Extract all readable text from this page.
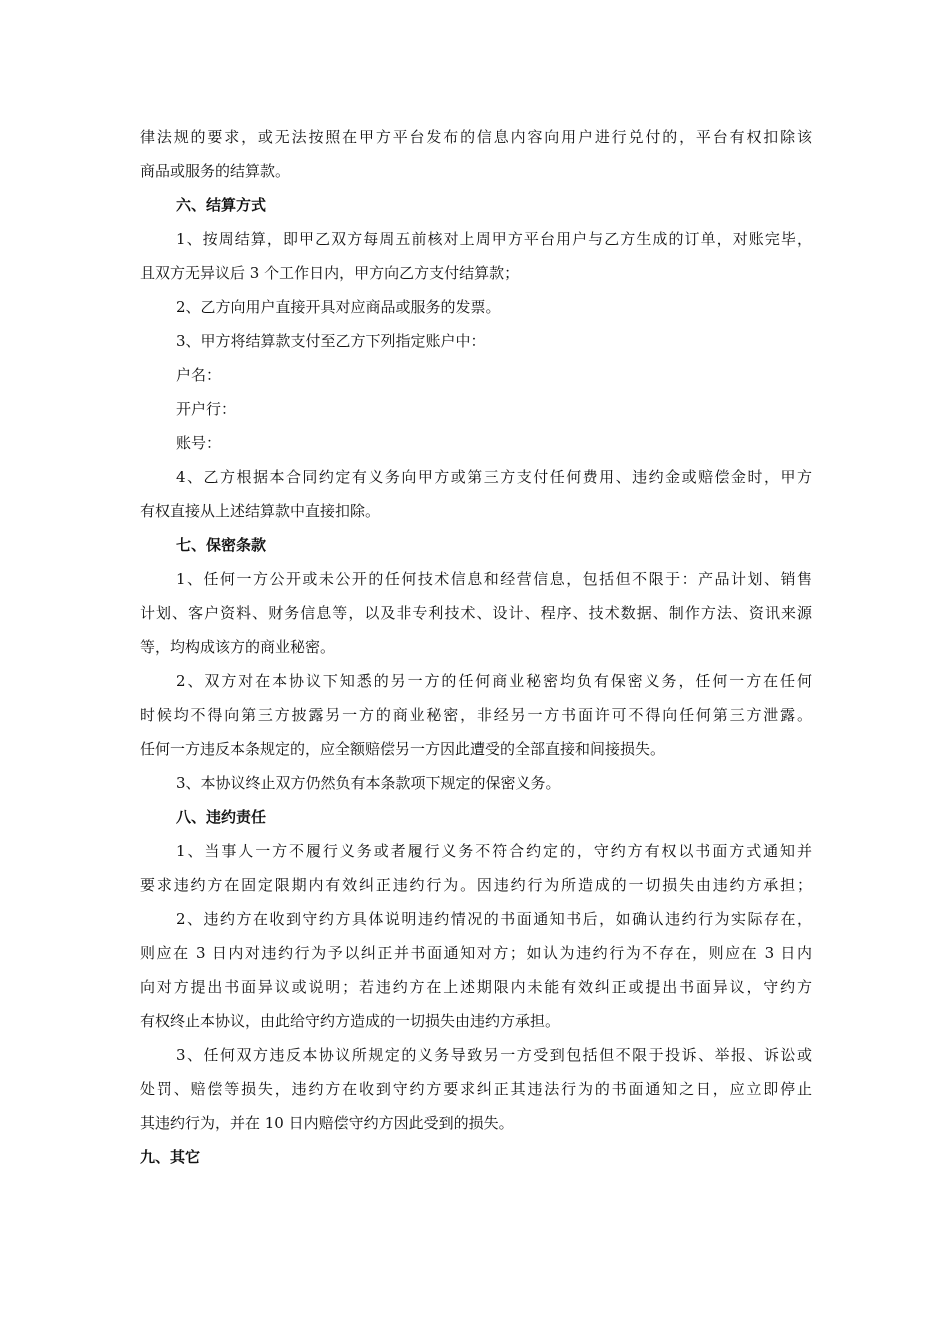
律法规的要求，或无法按照在甲方平台发布的信息内容向用户进行兑付的，平台有权扣除该
商品或服务的结算款。
六、结算方式
1、按周结算，即甲乙双方每周五前核对上周甲方平台用户与乙方生成的订单，对账完毕，
且双方无异议后 3 个工作日内，甲方向乙方支付结算款；
2、乙方向用户直接开具对应商品或服务的发票。
3、甲方将结算款支付至乙方下列指定账户中：
户名：
开户行：
账号：
4、乙方根据本合同约定有义务向甲方或第三方支付任何费用、违约金或赔偿金时，甲方
有权直接从上述结算款中直接扣除。
七、保密条款
1、任何一方公开或未公开的任何技术信息和经营信息，包括但不限于：产品计划、销售
计划、客户资料、财务信息等，以及非专利技术、设计、程序、技术数据、制作方法、资讯来源
等，均构成该方的商业秘密。
2、双方对在本协议下知悉的另一方的任何商业秘密均负有保密义务，任何一方在任何
时候均不得向第三方披露另一方的商业秘密，非经另一方书面许可不得向任何第三方泄露。
任何一方违反本条规定的，应全额赔偿另一方因此遭受的全部直接和间接损失。
3、本协议终止双方仍然负有本条款项下规定的保密义务。
八、违约责任
1、当事人一方不履行义务或者履行义务不符合约定的，守约方有权以书面方式通知并
要求违约方在固定限期内有效纠正违约行为。因违约行为所造成的一切损失由违约方承担；
2、违约方在收到守约方具体说明违约情况的书面通知书后，如确认违约行为实际存在，
则应在 3 日内对违约行为予以纠正并书面通知对方；如认为违约行为不存在，则应在 3 日内
向对方提出书面异议或说明；若违约方在上述期限内未能有效纠正或提出书面异议，守约方
有权终止本协议，由此给守约方造成的一切损失由违约方承担。
3、任何双方违反本协议所规定的义务导致另一方受到包括但不限于投诉、举报、诉讼或
处罚、赔偿等损失，违约方在收到守约方要求纠正其违法行为的书面通知之日，应立即停止
其违约行为，并在 10 日内赔偿守约方因此受到的损失。
九、其它
